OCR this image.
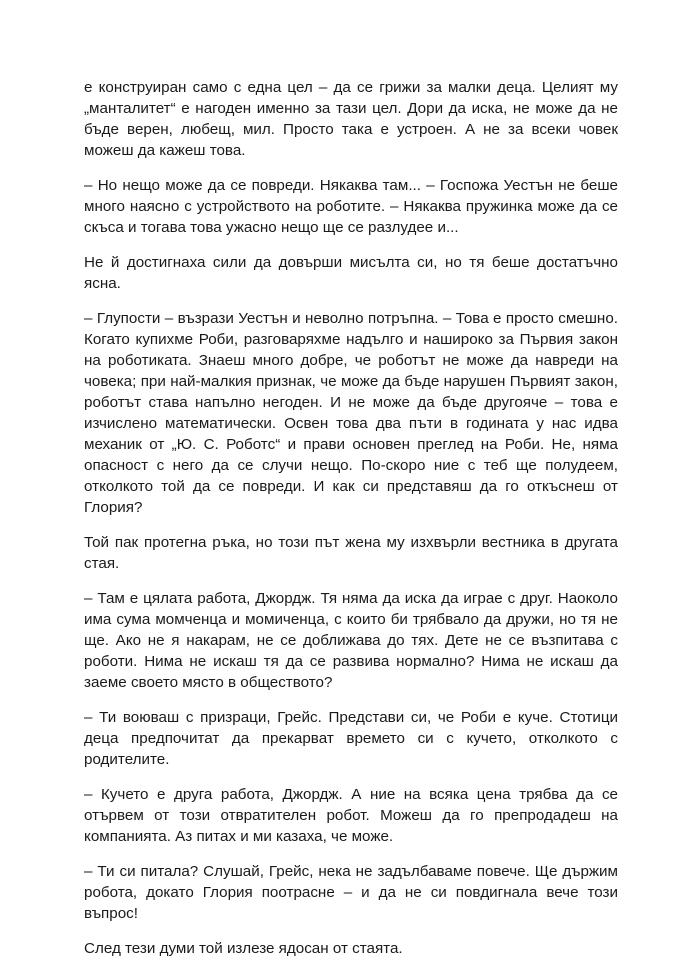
е конструиран само с една цел – да се грижи за малки деца. Целият му „манталитет“ е нагоден именно за тази цел. Дори да иска, не може да не бъде верен, любещ, мил. Просто така е устроен. А не за всеки човек можеш да кажеш това.

– Но нещо може да се повреди. Някаква там... – Госпожа Уестън не беше много наясно с устройството на роботите. – Някаква пружинка може да се скъса и тогава това ужасно нещо ще се разлудее и...

Не й достигнаха сили да довърши мисълта си, но тя беше достатъчно ясна.

– Глупости – възрази Уестън и неволно потръпна. – Това е просто смешно. Когато купихме Роби, разговаряхме надълго и нашироко за Първия закон на роботиката. Знаеш много добре, че роботът не може да навреди на човека; при най-малкия признак, че може да бъде нарушен Първият закон, роботът става напълно негоден. И не може да бъде другояче – това е изчислено математически. Освен това два пъти в годината у нас идва механик от „Ю. С. Роботс“ и прави основен преглед на Роби. Не, няма опасност с него да се случи нещо. По-скоро ние с теб ще полудеем, отколкото той да се повреди. И как си представяш да го откъснеш от Глория?

Той пак протегна ръка, но този път жена му изхвърли вестника в другата стая.

– Там е цялата работа, Джордж. Тя няма да иска да играе с друг. Наоколо има сума момченца и момиченца, с които би трябвало да дружи, но тя не ще. Ако не я накарам, не се доближава до тях. Дете не се възпитава с роботи. Нима не искаш тя да се развива нормално? Нима не искаш да заеме своето място в обществото?

– Ти воюваш с призраци, Грейс. Представи си, че Роби е куче. Стотици деца предпочитат да прекарват времето си с кучето, отколкото с родителите.

– Кучето е друга работа, Джордж. А ние на всяка цена трябва да се отървем от този отвратителен робот. Можеш да го препродадеш на компанията. Аз питах и ми казаха, че може.

– Ти си питала? Слушай, Грейс, нека не задълбаваме повече. Ще държим робота, докато Глория поотрасне – и да не си повдигнала вече този въпрос!

След тези думи той излезе ядосан от стаята.
